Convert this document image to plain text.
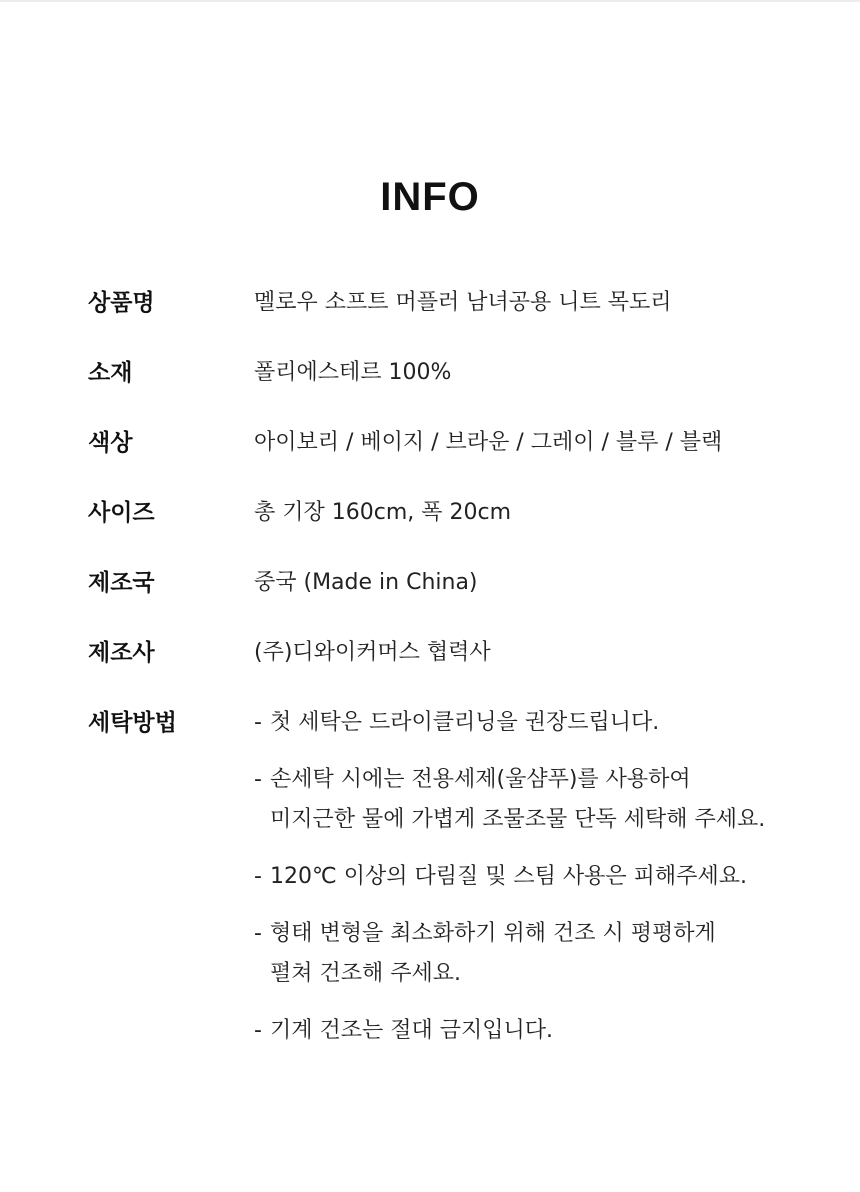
INFO
상품명	멜로우 소프트 머플러 남녀공용 니트 목도리
소재	폴리에스테르 100%
색상	아이보리 / 베이지 / 브라운 / 그레이 / 블루 / 블랙
사이즈	총 기장 160cm, 폭 20cm
제조국	중국 (Made in China)
제조사	(주)디와이커머스 협력사
세탁방법	- 첫 세탁은 드라이클리닝을 권장드립니다.
- 손세탁 시에는 전용세제(울샴푸)를 사용하여
미지근한 물에 가볍게 조물조물 단독 세탁해 주세요.
- 120℃ 이상의 다림질 및 스팀 사용은 피해주세요.
- 형태 변형을 최소화하기 위해 건조 시 평평하게
펼쳐 건조해 주세요.
- 기계 건조는 절대 금지입니다.
